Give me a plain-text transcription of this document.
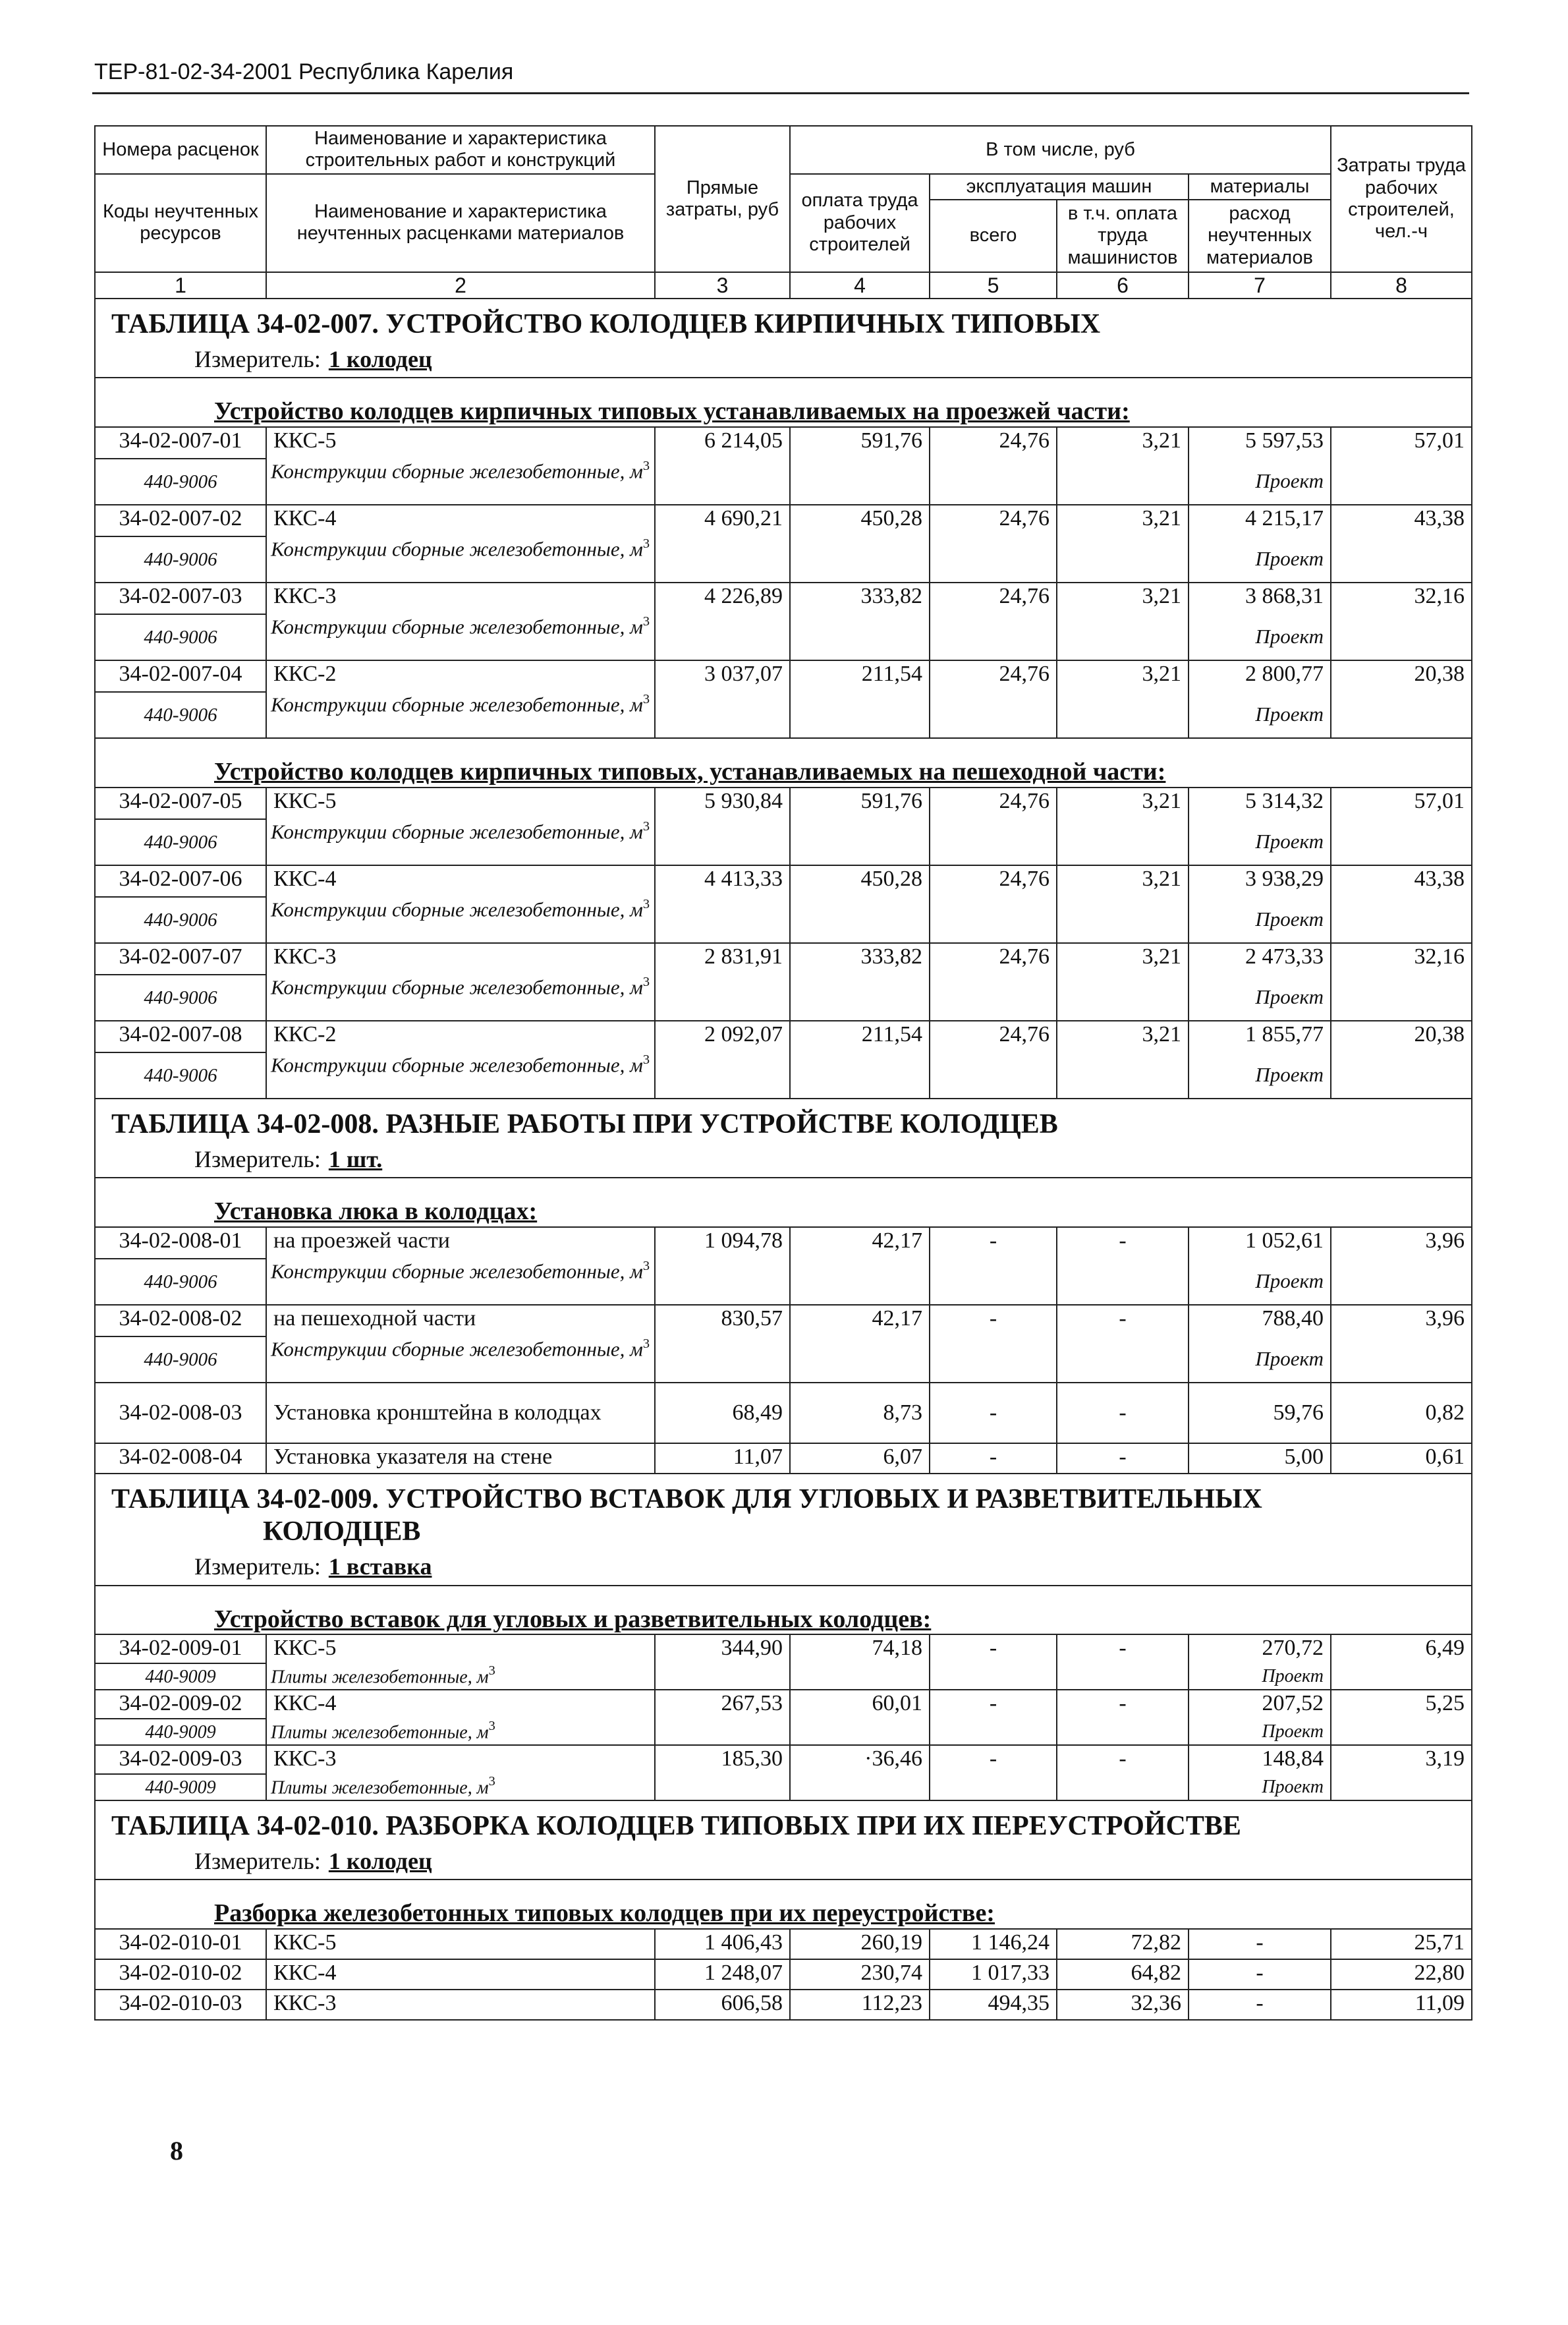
ТЕР-81-02-34-2001 Республика Карелия
Номера расценок	Наименование и характеристика строительных работ и конструкций	Прямые затраты, руб	В том числе, руб				Затраты труда рабочих строителей, чел.-ч
Коды неучтенных ресурсов	Наименование и характеристика неучтенных расценками материалов		оплата труда рабочих строителей	эксплуатация машин		материалы	
				всего	в т.ч. оплата труда машинистов	расход неучтенных материалов	

1	2	3	4	5	6	7	8
ТАБЛИЦА 34-02-007. УСТРОЙСТВО КОЛОДЦЕВ КИРПИЧНЫХ ТИПОВЫХ							
Измеритель: 1 колодец							
Устройство колодцев кирпичных типовых устанавливаемых на проезжей части:							
34-02-007-01	ККС-5	6 214,05	591,76	24,76	3,21	5 597,53	57,01
440-9006	Конструкции сборные железобетонные, $м^3$					Проект	
34-02-007-02	ККС-4	4 690,21	450,28	24,76	3,21	4 215,17	43,38
440-9006	Конструкции сборные железобетонные, $м^3$					Проект	
34-02-007-03	ККС-3	4 226,89	333,82	24,76	3,21	3 868,31	32,16
440-9006	Конструкции сборные железобетонные, $м^3$					Проект	
34-02-007-04	ККС-2	3 037,07	211,54	24,76	3,21	2 800,77	20,38
440-9006	Конструкции сборные железобетонные, $м^3$					Проект	
Устройство колодцев кирпичных типовых, устанавливаемых на пешеходной части:							
34-02-007-05	ККС-5	5 930,84	591,76	24,76	3,21	5 314,32	57,01
440-9006	Конструкции сборные железобетонные, $м^3$					Проект	
34-02-007-06	ККС-4	4 413,33	450,28	24,76	3,21	3 938,29	43,38
440-9006	Конструкции сборные железобетонные, $м^3$					Проект	
34-02-007-07	ККС-3	2 831,91	333,82	24,76	3,21	2 473,33	32,16
440-9006	Конструкции сборные железобетонные, $м^3$					Проект	
34-02-007-08	ККС-2	2 092,07	211,54	24,76	3,21	1 855,77	20,38
440-9006	Конструкции сборные железобетонные, $м^3$					Проект	
ТАБЛИЦА 34-02-008. РАЗНЫЕ РАБОТЫ ПРИ УСТРОЙСТВЕ КОЛОДЦЕВ							
Измеритель: 1 шт.							
Установка люка в колодцах:							
34-02-008-01	на проезжей части	1 094,78	42,17	-	-	1 052,61	3,96
440-9006	Конструкции сборные железобетонные, $м^3$					Проект	
34-02-008-02	на пешеходной части	830,57	42,17	-	-	788,40	3,96
440-9006	Конструкции сборные железобетонные, $м^3$					Проект	
34-02-008-03	Установка кронштейна в колодцах	68,49	8,73	-	-	59,76	0,82
34-02-008-04	Установка указателя на стене	11,07	6,07	-	-	5,00	0,61

ТАБЛИЦА 34-02-009. УСТРОЙСТВО ВСТАВОК ДЛЯ УГЛОВЫХ И РАЗВЕТВИТЕЛЬНЫХ
КОЛОДЦЕВ							

Измеритель: 1 вставка							
Устройство вставок для угловых и разветвительных колодцев:							
34-02-009-01	ККС-5	344,90	74,18	-	-	270,72	6,49
440-9009	Плиты железобетонные, $м^3$					Проект	
34-02-009-02	ККС-4	267,53	60,01	-	-	207,52	5,25
440-9009	Плиты железобетонные, $м^3$					Проект	
34-02-009-03	ККС-3	185,30	·36,46	-	-	148,84	3,19
440-9009	Плиты железобетонные, $м^3$					Проект	
ТАБЛИЦА 34-02-010. РАЗБОРКА КОЛОДЦЕВ ТИПОВЫХ ПРИ ИХ ПЕРЕУСТРОЙСТВЕ							
Измеритель: 1 колодец							
Разборка железобетонных типовых колодцев при их переустройстве:							
34-02-010-01	ККС-5	1 406,43	260,19	1 146,24	72,82	-	25,71
34-02-010-02	ККС-4	1 248,07	230,74	1 017,33	64,82	-	22,80
34-02-010-03	ККС-3	606,58	112,23	494,35	32,36	-	11,09
8
